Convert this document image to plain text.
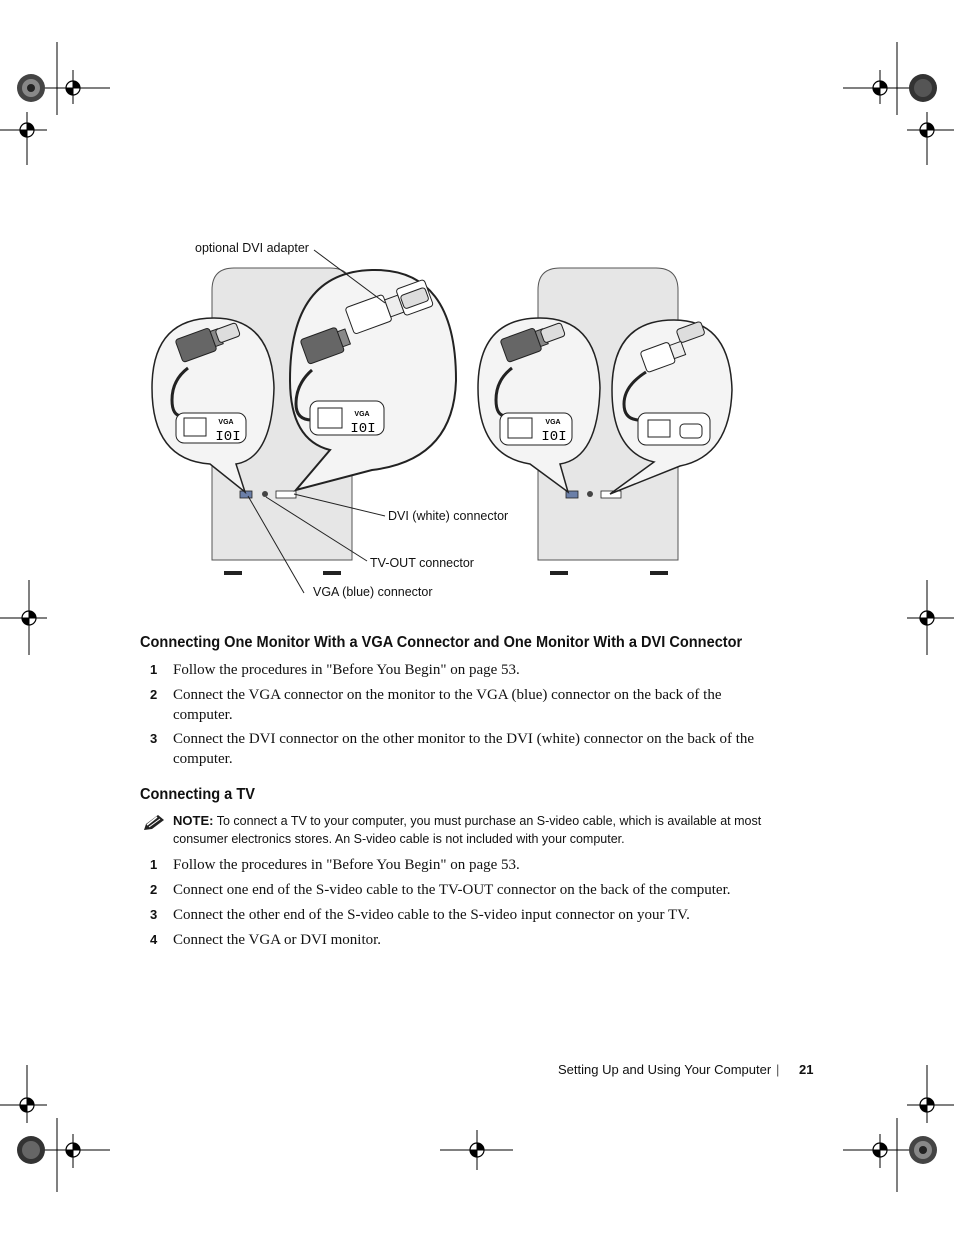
VGA
I0I
VGA
I0I	VGA
I0I
optional DVI adapter
DVI (white) connector
TV-OUT connector
VGA (blue) connector
Connecting One Monitor With a VGA Connector and One Monitor With a DVI Connector
1 Follow the procedures in "Before You Begin" on page 53.
2 Connect the VGA connector on the monitor to the VGA (blue) connector on the back of the computer.
3 Connect the DVI connector on the other monitor to the DVI (white) connector on the back of the computer.
Connecting a TV
NOTE: To connect a TV to your computer, you must purchase an S-video cable, which is available at most consumer electronics stores. An S-video cable is not included with your computer.
1 Follow the procedures in "Before You Begin" on page 53.
2 Connect one end of the S-video cable to the TV-OUT connector on the back of the computer.
3 Connect the other end of the S-video cable to the S-video input connector on your TV.
4 Connect the VGA or DVI monitor.
Setting Up and Using Your Computer | 21
